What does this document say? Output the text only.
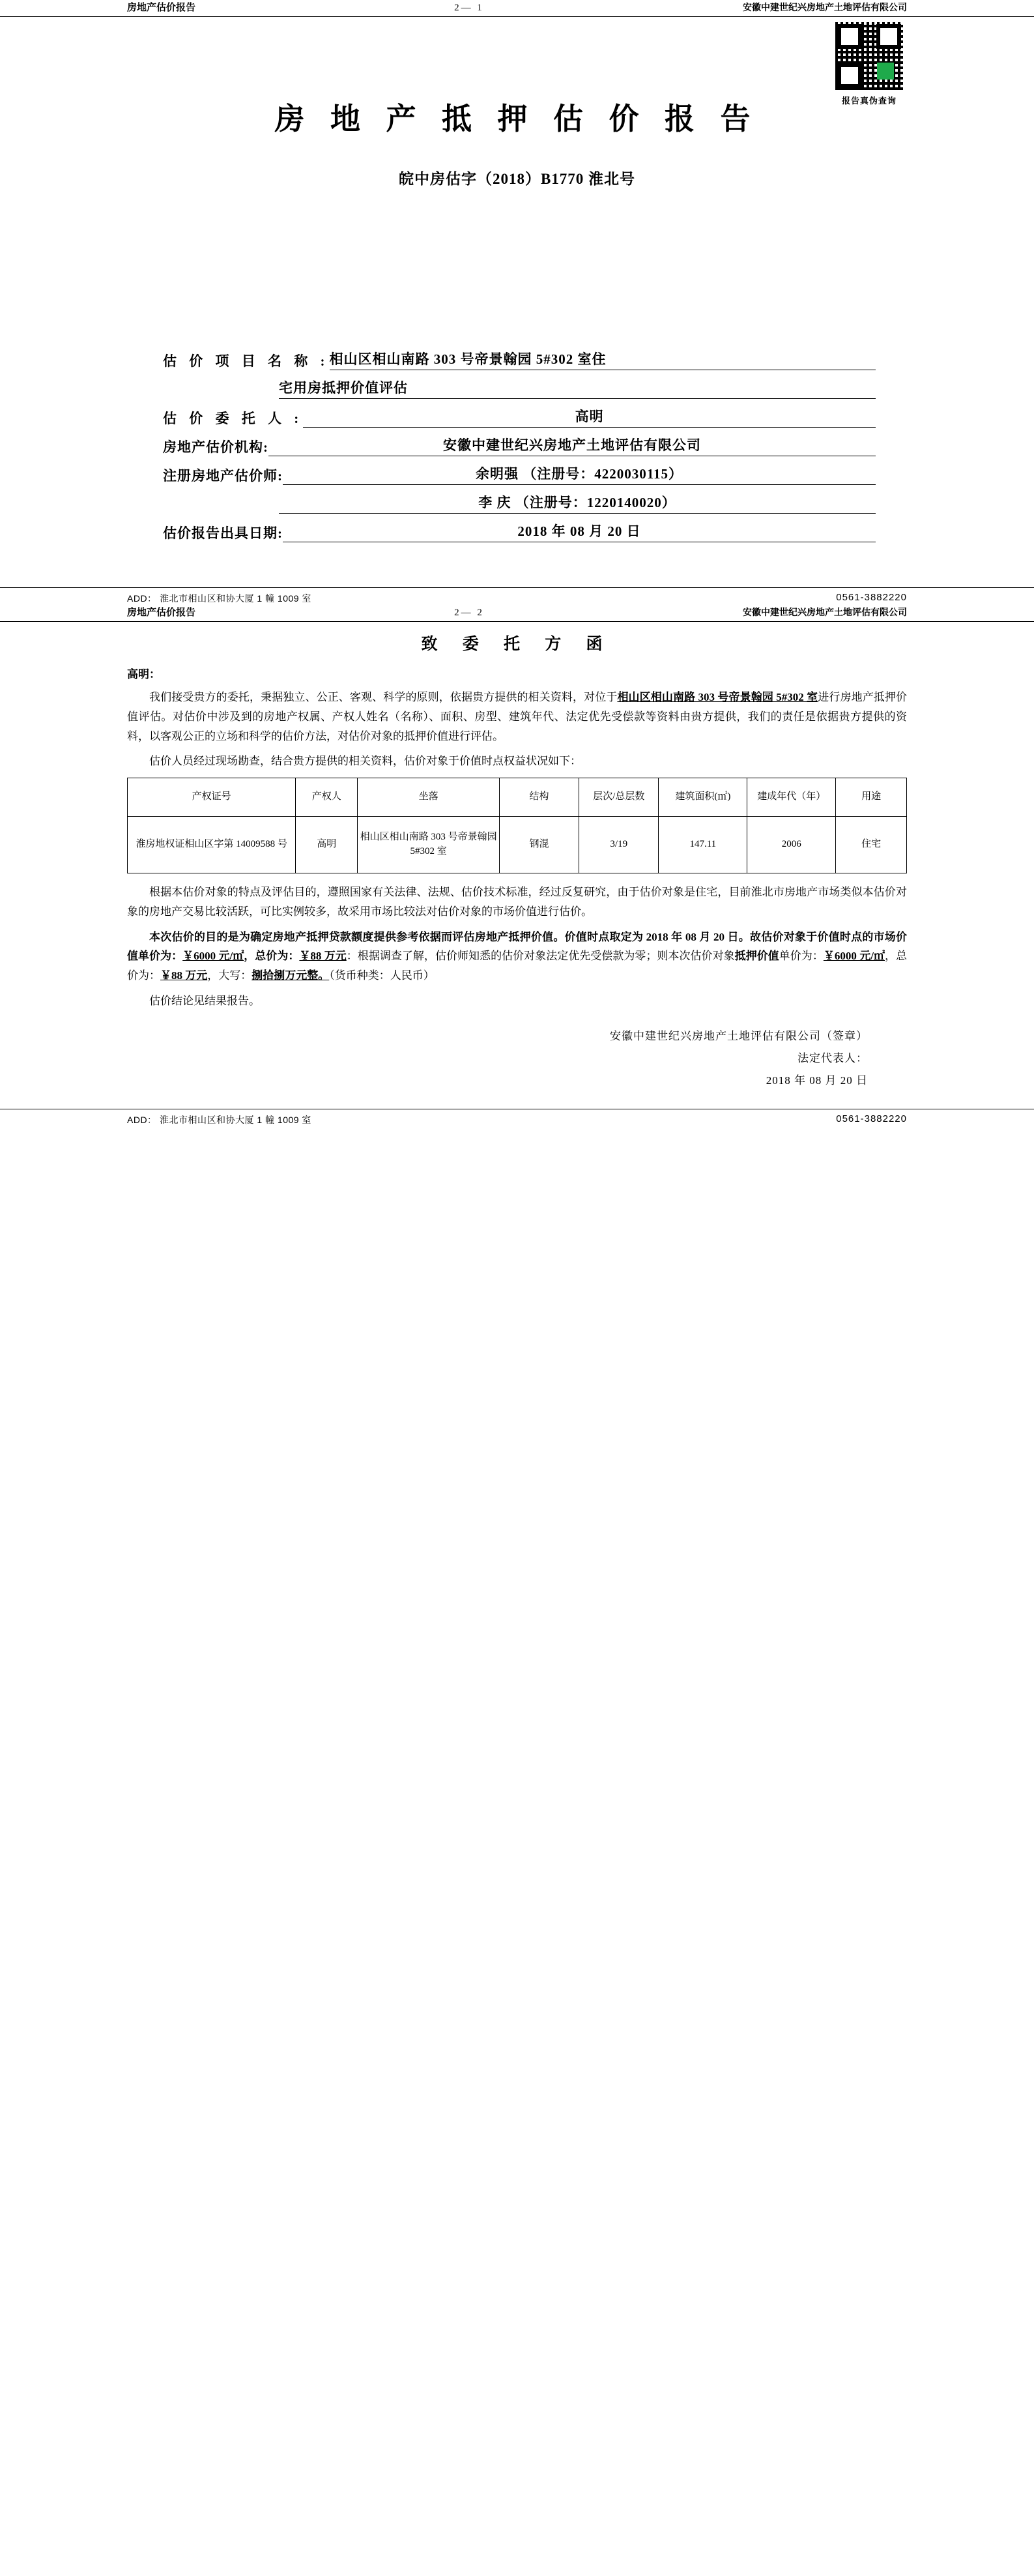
房地产估价报告	2— 1	安徽中建世纪兴房地产土地评估有限公司
报告真伪查询
房 地 产 抵 押 估 价 报 告
皖中房估字（2018）B1770 淮北号
估 价 项 目 名 称 : 相山区相山南路 303 号帝景翰园 5#302 室住
宅用房抵押价值评估
估 价 委 托 人 :	高明
房地产估价机构:	安徽中建世纪兴房地产土地评估有限公司
注册房地产估价师:	余明强 （注册号：4220030115）
李 庆 （注册号：1220140020）
估价报告出具日期:	2018 年 08 月 20 日
ADD： 淮北市相山区和协大厦 1 幢 1009 室	0561-3882220
房地产估价报告	2— 2	安徽中建世纪兴房地产土地评估有限公司
致 委 托 方 函
高明：

我们接受贵方的委托，秉据独立、公正、客观、科学的原则，依据贵方提供的相关资料，对位于相山区相山南路 303 号帝景翰园 5#302 室进行房地产抵押价值评估。对估价中涉及到的房地产权属、产权人姓名（名称）、面积、房型、建筑年代、法定优先受偿款等资料由贵方提供，我们的责任是依据贵方提供的资料，以客观公正的立场和科学的估价方法，对估价对象的抵押价值进行评估。

估价人员经过现场勘查，结合贵方提供的相关资料，估价对象于价值时点权益状况如下：

产权证号	产权人	坐落	结构	层次/总层数	建筑面积(㎡)	建成年代（年）	用途
淮房地权证相山区字第 14009588 号	高明	相山区相山南路 303 号帝景翰园 5#302 室	钢混	3/19	147.11	2006	住宅

根据本估价对象的特点及评估目的，遵照国家有关法律、法规、估价技术标准，经过反复研究，由于估价对象是住宅，目前淮北市房地产市场类似本估价对象的房地产交易比较活跃，可比实例较多，故采用市场比较法对估价对象的市场价值进行估价。

本次估价的目的是为确定房地产抵押贷款额度提供参考依据而评估房地产抵押价值。价值时点取定为 2018 年 08 月 20 日。故估价对象于价值时点的市场价值单价为：￥6000 元/㎡，总价为：￥88 万元：根据调查了解，估价师知悉的估价对象法定优先受偿款为零；则本次估价对象抵押价值单价为：￥6000 元/㎡，总价为：￥88 万元，大写：捌拾捌万元整。（货币种类：人民币）

估价结论见结果报告。

安徽中建世纪兴房地产土地评估有限公司（签章）
法定代表人：
2018 年 08 月 20 日
ADD： 淮北市相山区和协大厦 1 幢 1009 室	0561-3882220
